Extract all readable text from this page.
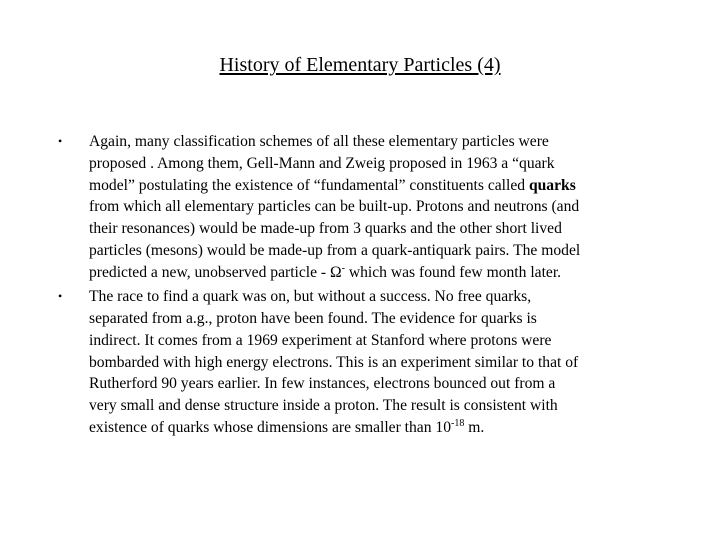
History of Elementary Particles (4)
• Again, many classification schemes of all these elementary particles were
proposed . Among them, Gell-Mann and Zweig proposed in 1963 a “quark
model” postulating the existence of “fundamental” constituents called quarks
from which all elementary particles can be built-up. Protons and neutrons (and
their resonances) would be made-up from 3 quarks and the other short lived
particles (mesons) would be made-up from a quark-antiquark pairs. The model
predicted a new, unobserved particle - Ω- which was found few month later.
• The race to find a quark was on, but without a success. No free quarks,
separated from a.g., proton have been found. The evidence for quarks is
indirect. It comes from a 1969 experiment at Stanford where protons were
bombarded with high energy electrons. This is an experiment similar to that of
Rutherford 90 years earlier. In few instances, electrons bounced out from a
very small and dense structure inside a proton. The result is consistent with
existence of quarks whose dimensions are smaller than $10^{-18}$ m.
